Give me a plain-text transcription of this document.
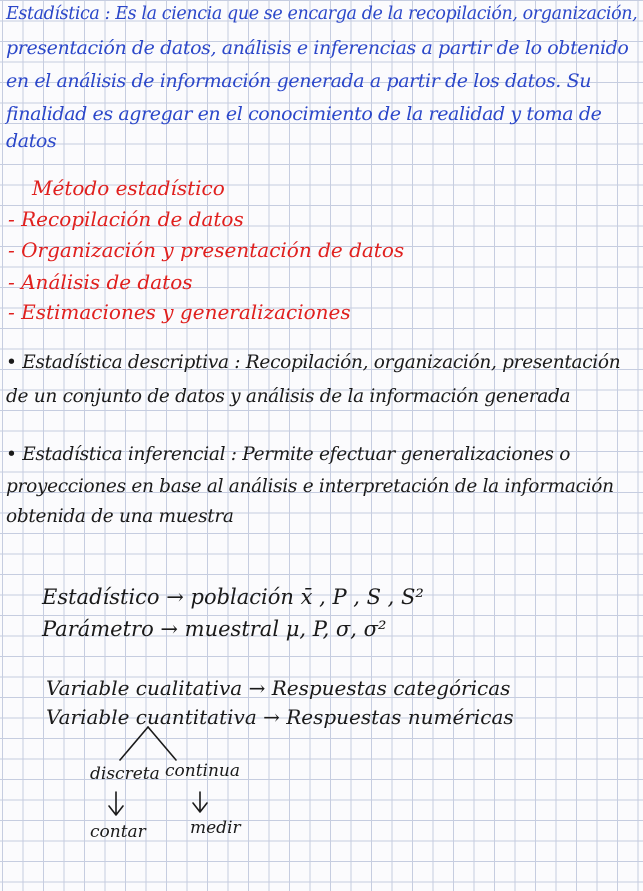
Estadística : Es la ciencia que se encarga de la recopilación, organización,
presentación de datos, análisis e inferencias a partir de lo obtenido
en el análisis de información generada a partir de los datos. Su
finalidad es agregar en el conocimiento de la realidad y toma de
datos
Método estadístico
- Recopilación de datos
- Organización y presentación de datos
- Análisis de datos
- Estimaciones y generalizaciones
• Estadística descriptiva : Recopilación, organización, presentación
de un conjunto de datos y análisis de la información generada
• Estadística inferencial : Permite efectuar generalizaciones o
proyecciones en base al análisis e interpretación de la información
obtenida de una muestra
Estadístico → población x̄ , P , S , S²
Parámetro → muestral μ, P, σ, σ²
Variable cualitativa → Respuestas categóricas
Variable cuantitativa → Respuestas numéricas
discreta continua
contar	medir
